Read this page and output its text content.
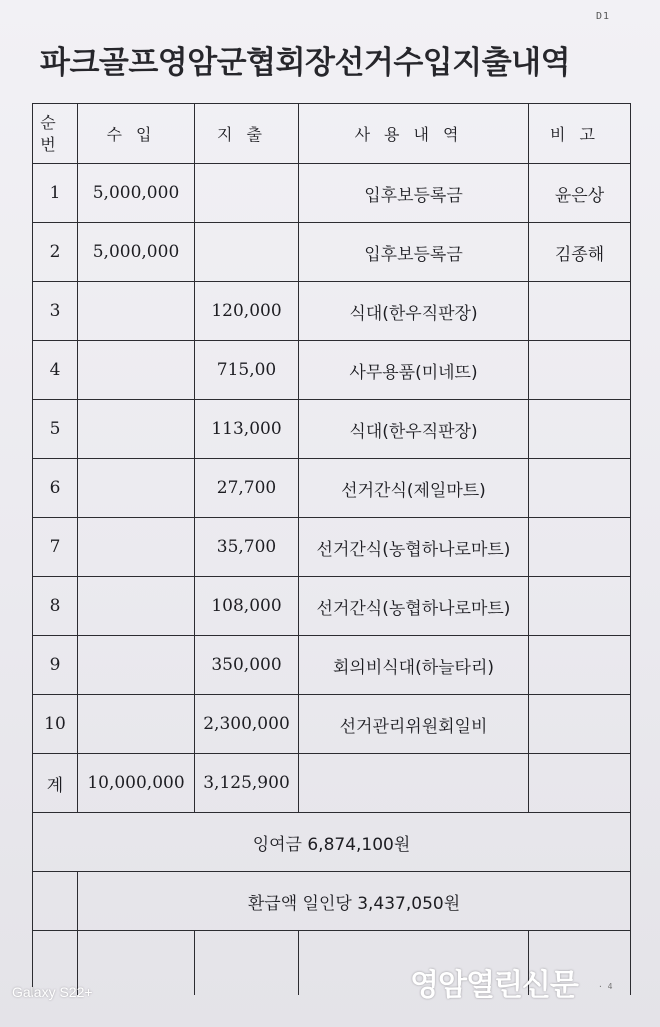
D1
파크골프영암군협회장선거수입지출내역
순
번	수입	지출	사용내역	비고
1	5,000,000		입후보등록금	윤은상
2	5,000,000		입후보등록금	김종해
3		120,000	식대(한우직판장)	
4		715,00	사무용품(미네뜨)	
5		113,000	식대(한우직판장)	
6		27,700	선거간식(제일마트)	
7		35,700	선거간식(농협하나로마트)	
8		108,000	선거간식(농협하나로마트)	
9		350,000	회의비식대(하늘타리)	
10		2,300,000	선거관리위원회일비	
계	10,000,000	3,125,900		
잉여금 6,874,100원				
	환급액 일인당 3,437,050원			

· 4
Galaxy S22+	영암열린신문
